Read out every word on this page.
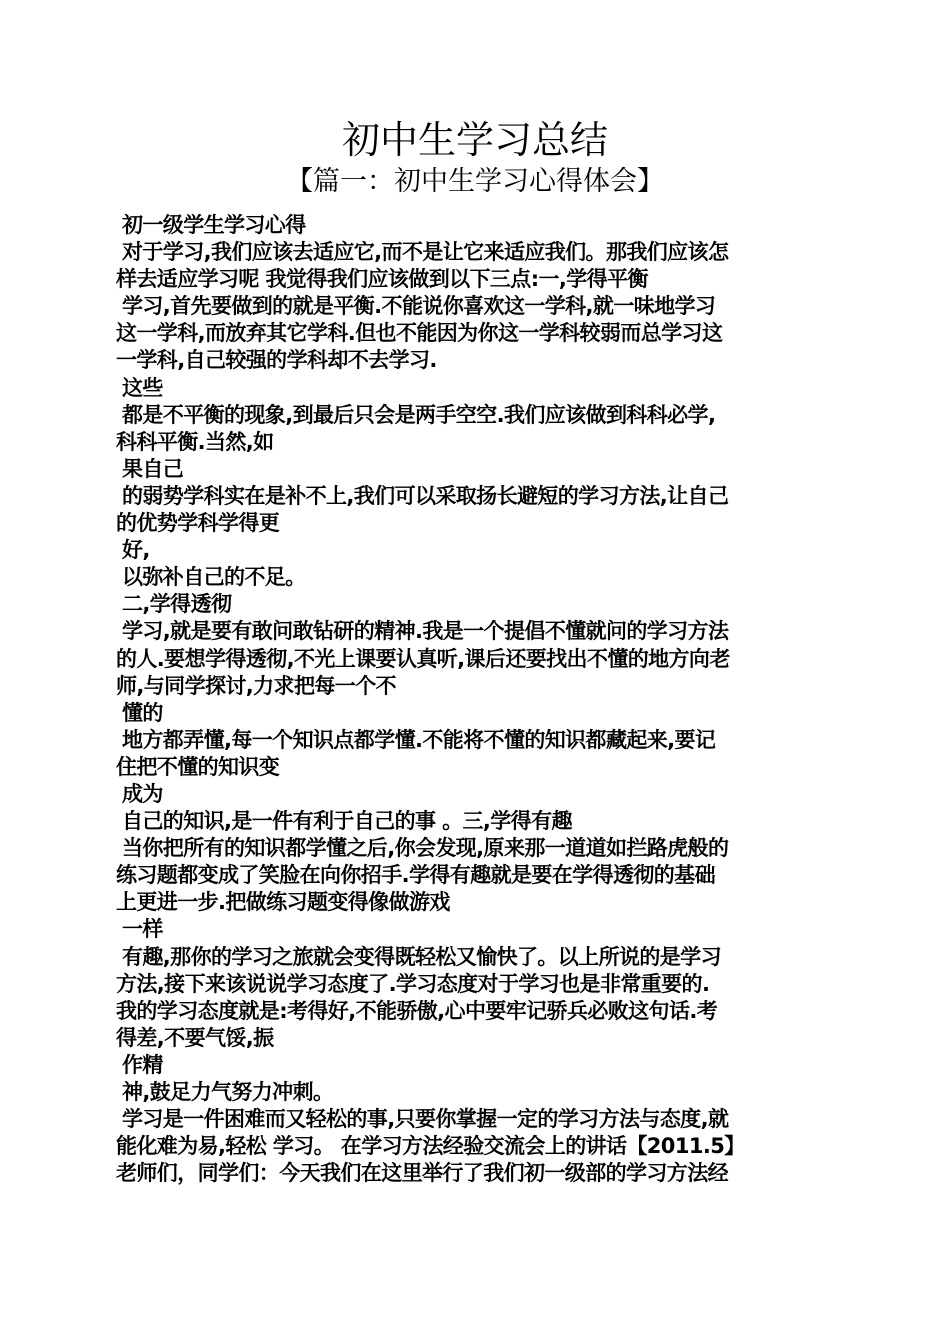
初中生学习总结
【篇一：初中生学习心得体会】
初一级学生学习心得
对于学习,我们应该去适应它,而不是让它来适应我们。那我们应该怎
样去适应学习呢 我觉得我们应该做到以下三点:一,学得平衡
学习,首先要做到的就是平衡.不能说你喜欢这一学科,就一味地学习
这一学科,而放弃其它学科.但也不能因为你这一学科较弱而总学习这
一学科,自己较强的学科却不去学习.
这些
都是不平衡的现象,到最后只会是两手空空.我们应该做到科科必学,
科科平衡.当然,如
果自己
的弱势学科实在是补不上,我们可以采取扬长避短的学习方法,让自己
的优势学科学得更
好,
以弥补自己的不足。
二,学得透彻
学习,就是要有敢问敢钻研的精神.我是一个提倡不懂就问的学习方法
的人.要想学得透彻,不光上课要认真听,课后还要找出不懂的地方向老
师,与同学探讨,力求把每一个不
懂的
地方都弄懂,每一个知识点都学懂.不能将不懂的知识都藏起来,要记
住把不懂的知识变
成为
自己的知识,是一件有利于自己的事 。三,学得有趣
当你把所有的知识都学懂之后,你会发现,原来那一道道如拦路虎般的
练习题都变成了笑脸在向你招手.学得有趣就是要在学得透彻的基础
上更进一步.把做练习题变得像做游戏
一样
有趣,那你的学习之旅就会变得既轻松又愉快了。以上所说的是学习
方法,接下来该说说学习态度了.学习态度对于学习也是非常重要的.
我的学习态度就是:考得好,不能骄傲,心中要牢记骄兵必败这句话.考
得差,不要气馁,振
作精
神,鼓足力气努力冲刺。
学习是一件困难而又轻松的事,只要你掌握一定的学习方法与态度,就
能化难为易,轻松 学习。 在学习方法经验交流会上的讲话【2011.5】
老师们，同学们：今天我们在这里举行了我们初一级部的学习方法经
